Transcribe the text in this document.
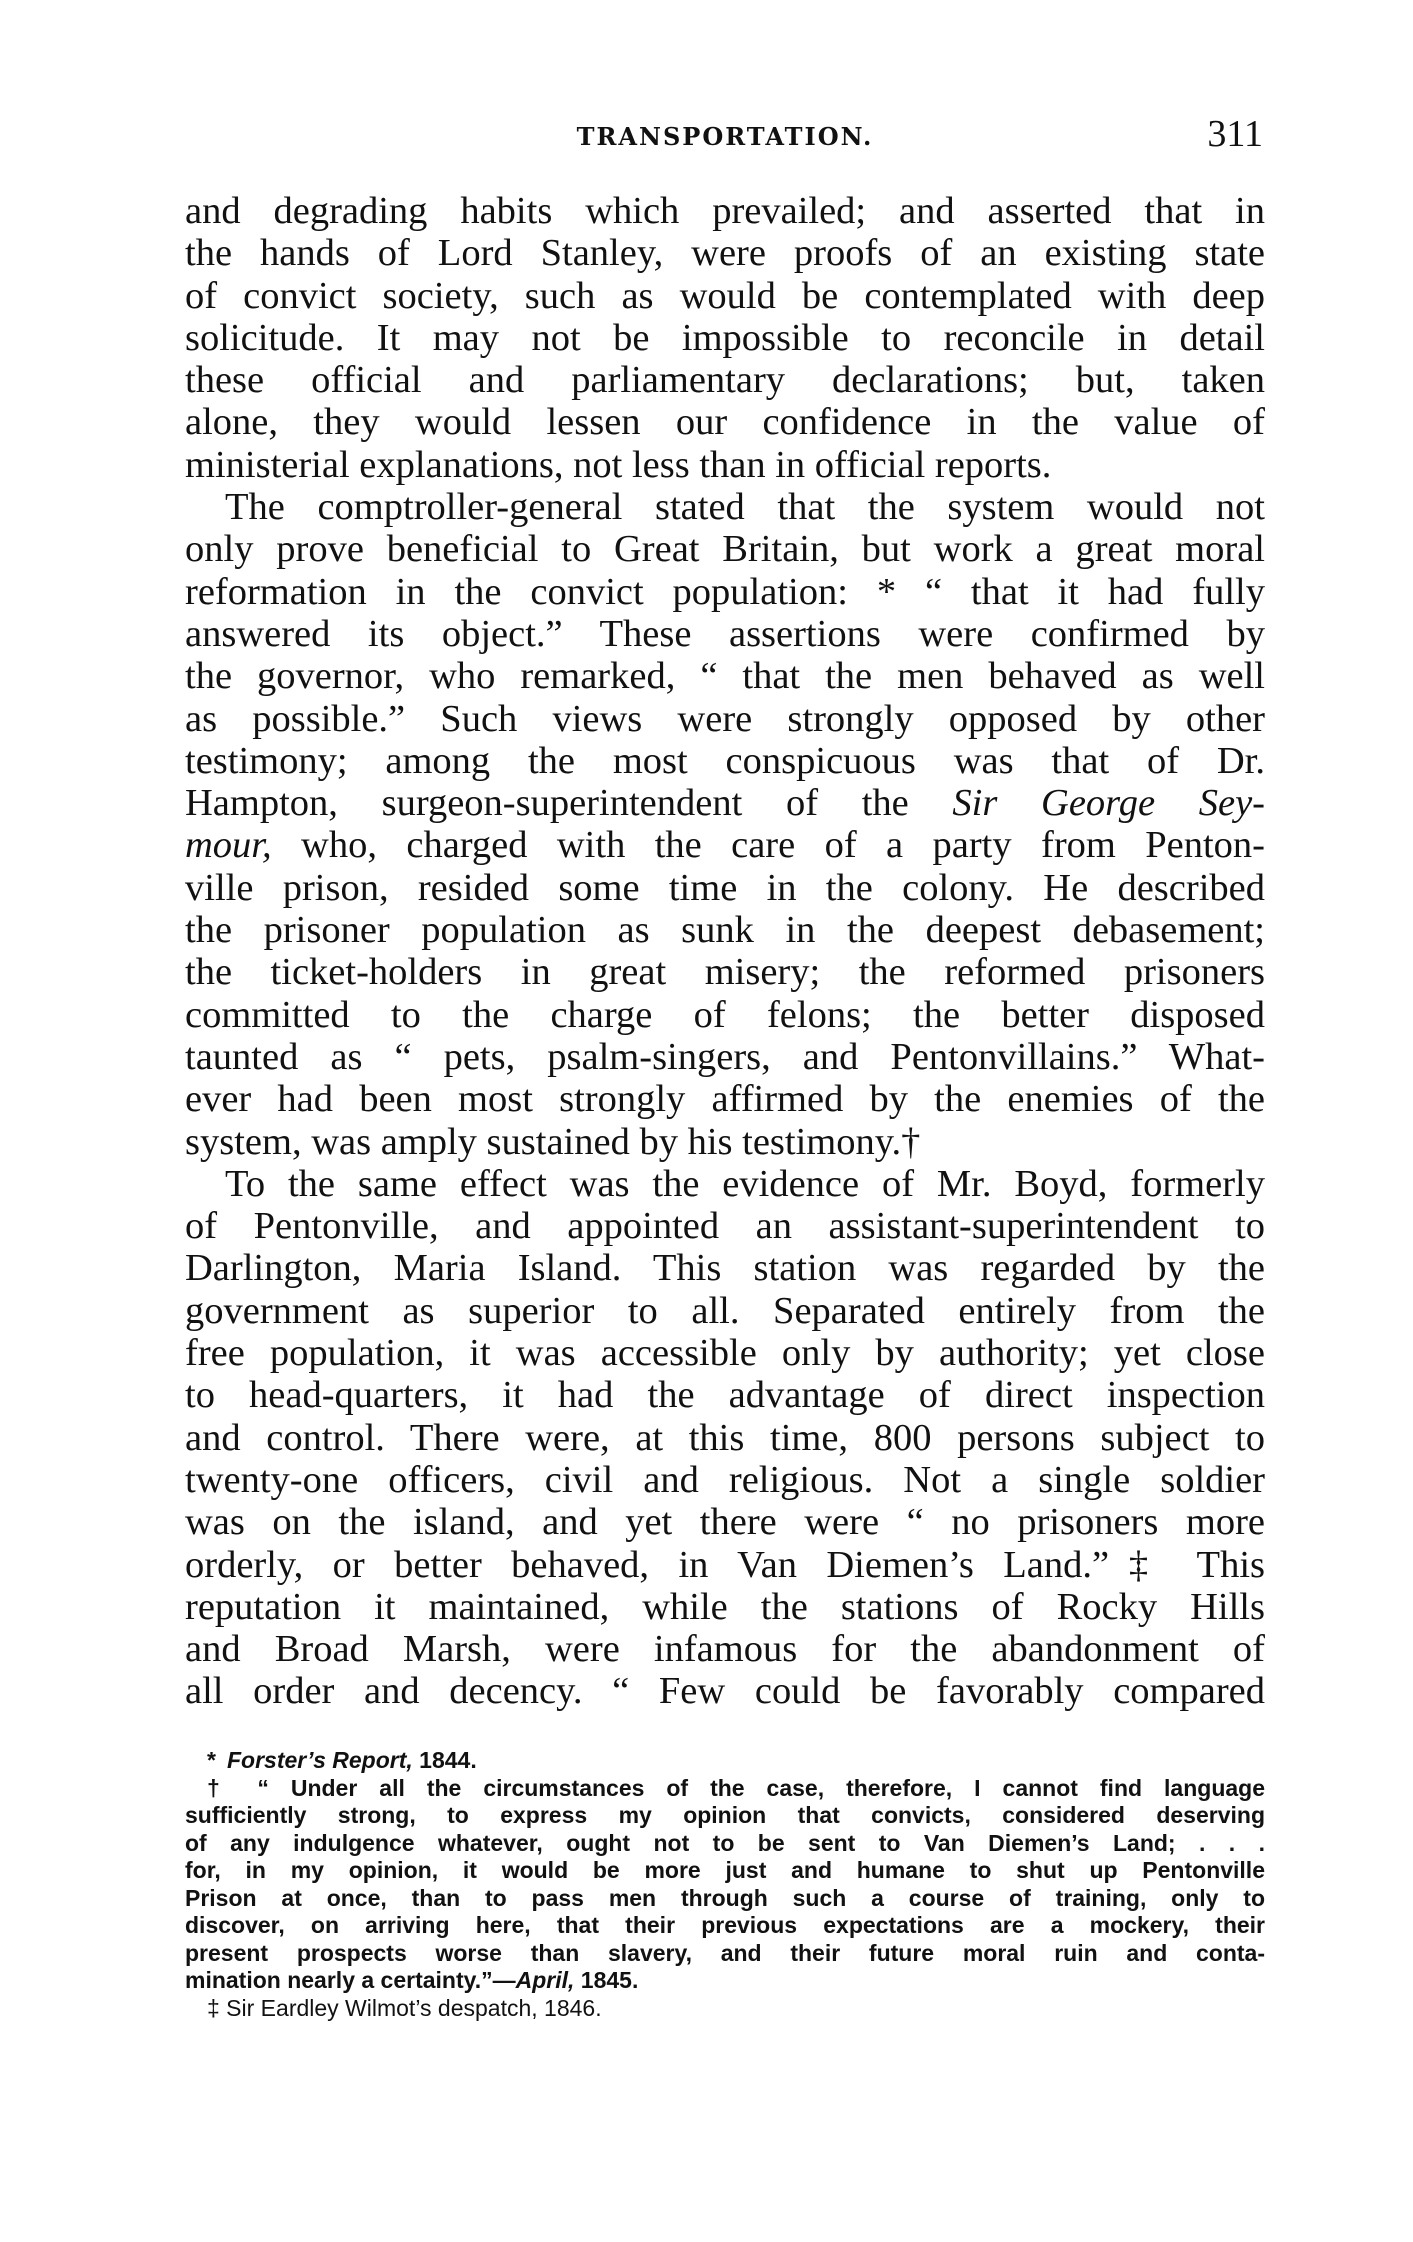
TRANSPORTATION.	311
and degrading habits which prevailed; and asserted that in
the hands of Lord Stanley, were proofs of an existing state
of convict society, such as would be contemplated with deep
solicitude. It may not be impossible to reconcile in detail
these official and parliamentary declarations; but, taken
alone, they would lessen our confidence in the value of
ministerial explanations, not less than in official reports.
The comptroller-general stated that the system would not
only prove beneficial to Great Britain, but work a great moral
reformation in the convict population: * “ that it had fully
answered its object.” These assertions were confirmed by
the governor, who remarked, “ that the men behaved as well
as possible.” Such views were strongly opposed by other
testimony; among the most conspicuous was that of Dr.
Hampton, surgeon-superintendent of the Sir George Sey-
mour, who, charged with the care of a party from Penton-
ville prison, resided some time in the colony. He described
the prisoner population as sunk in the deepest debasement;
the ticket-holders in great misery; the reformed prisoners
committed to the charge of felons; the better disposed
taunted as “ pets, psalm-singers, and Pentonvillains.” What-
ever had been most strongly affirmed by the enemies of the
system, was amply sustained by his testimony.†
To the same effect was the evidence of Mr. Boyd, formerly
of Pentonville, and appointed an assistant-superintendent to
Darlington, Maria Island. This station was regarded by the
government as superior to all. Separated entirely from the
free population, it was accessible only by authority; yet close
to head-quarters, it had the advantage of direct inspection
and control. There were, at this time, 800 persons subject to
twenty-one officers, civil and religious. Not a single soldier
was on the island, and yet there were “ no prisoners more
orderly, or better behaved, in Van Diemen’s Land.”‡ This
reputation it maintained, while the stations of Rocky Hills
and Broad Marsh, were infamous for the abandonment of
all order and decency. “ Few could be favorably compared
* Forster’s Report, 1844.
† “ Under all the circumstances of the case, therefore, I cannot find language
sufficiently strong, to express my opinion that convicts, considered deserving
of any indulgence whatever, ought not to be sent to Van Diemen’s Land; . . .
for, in my opinion, it would be more just and humane to shut up Pentonville
Prison at once, than to pass men through such a course of training, only to
discover, on arriving here, that their previous expectations are a mockery, their
present prospects worse than slavery, and their future moral ruin and conta-
mination nearly a certainty.”—April, 1845.
‡ Sir Eardley Wilmot’s despatch, 1846.
